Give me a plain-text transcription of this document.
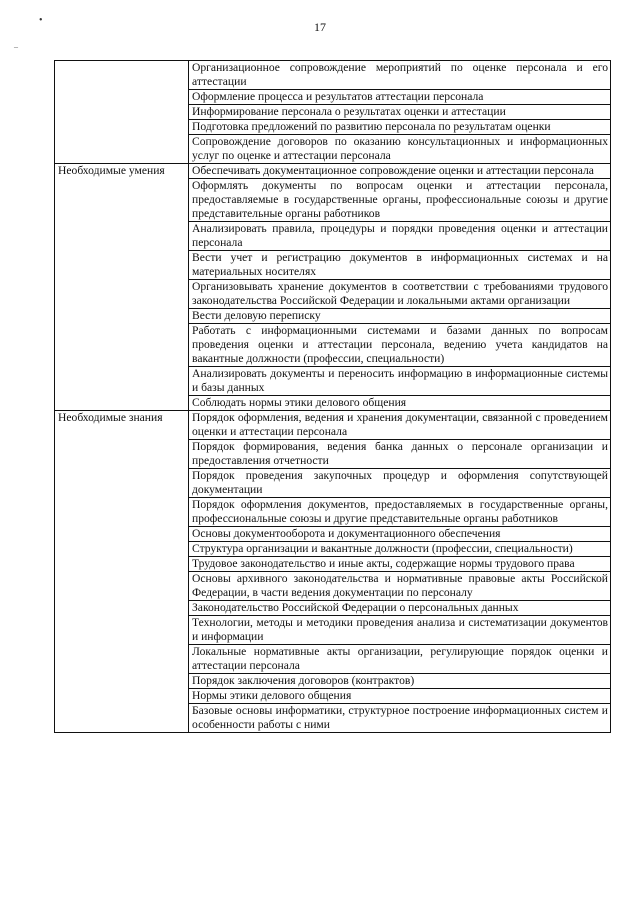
•
–
17
	Организационное сопровождение мероприятий по оценке персонала и его аттестации
	Оформление процесса и результатов аттестации персонала
	Информирование персонала о результатах оценки и аттестации
	Подготовка предложений по развитию персонала по результатам оценки
	Сопровождение договоров по оказанию консультационных и информационных услуг по оценке и аттестации персонала
Необходимые умения	Обеспечивать документационное сопровождение оценки и аттестации персонала
	Оформлять документы по вопросам оценки и аттестации персонала, предоставляемые в государственные органы, профессиональные союзы и другие представительные органы работников
	Анализировать правила, процедуры и порядки проведения оценки и аттестации персонала
	Вести учет и регистрацию документов в информационных системах и на материальных носителях
	Организовывать хранение документов в соответствии с требованиями трудового законодательства Российской Федерации и локальными актами организации
	Вести деловую переписку
	Работать с информационными системами и базами данных по вопросам проведения оценки и аттестации персонала, ведению учета кандидатов на вакантные должности (профессии, специальности)
	Анализировать документы и переносить информацию в информационные системы и базы данных
	Соблюдать нормы этики делового общения
Необходимые знания	Порядок оформления, ведения и хранения документации, связанной с проведением оценки и аттестации персонала
	Порядок формирования, ведения банка данных о персонале организации и предоставления отчетности
	Порядок проведения закупочных процедур и оформления сопутствующей документации
	Порядок оформления документов, предоставляемых в государственные органы, профессиональные союзы и другие представительные органы работников
	Основы документооборота и документационного обеспечения
	Структура организации и вакантные должности (профессии, специальности)
	Трудовое законодательство и иные акты, содержащие нормы трудового права
	Основы архивного законодательства и нормативные правовые акты Российской Федерации, в части ведения документации по персоналу
	Законодательство Российской Федерации о персональных данных
	Технологии, методы и методики проведения анализа и систематизации документов и информации
	Локальные нормативные акты организации, регулирующие порядок оценки и аттестации персонала
	Порядок заключения договоров (контрактов)
	Нормы этики делового общения
	Базовые основы информатики, структурное построение информационных систем и особенности работы с ними
